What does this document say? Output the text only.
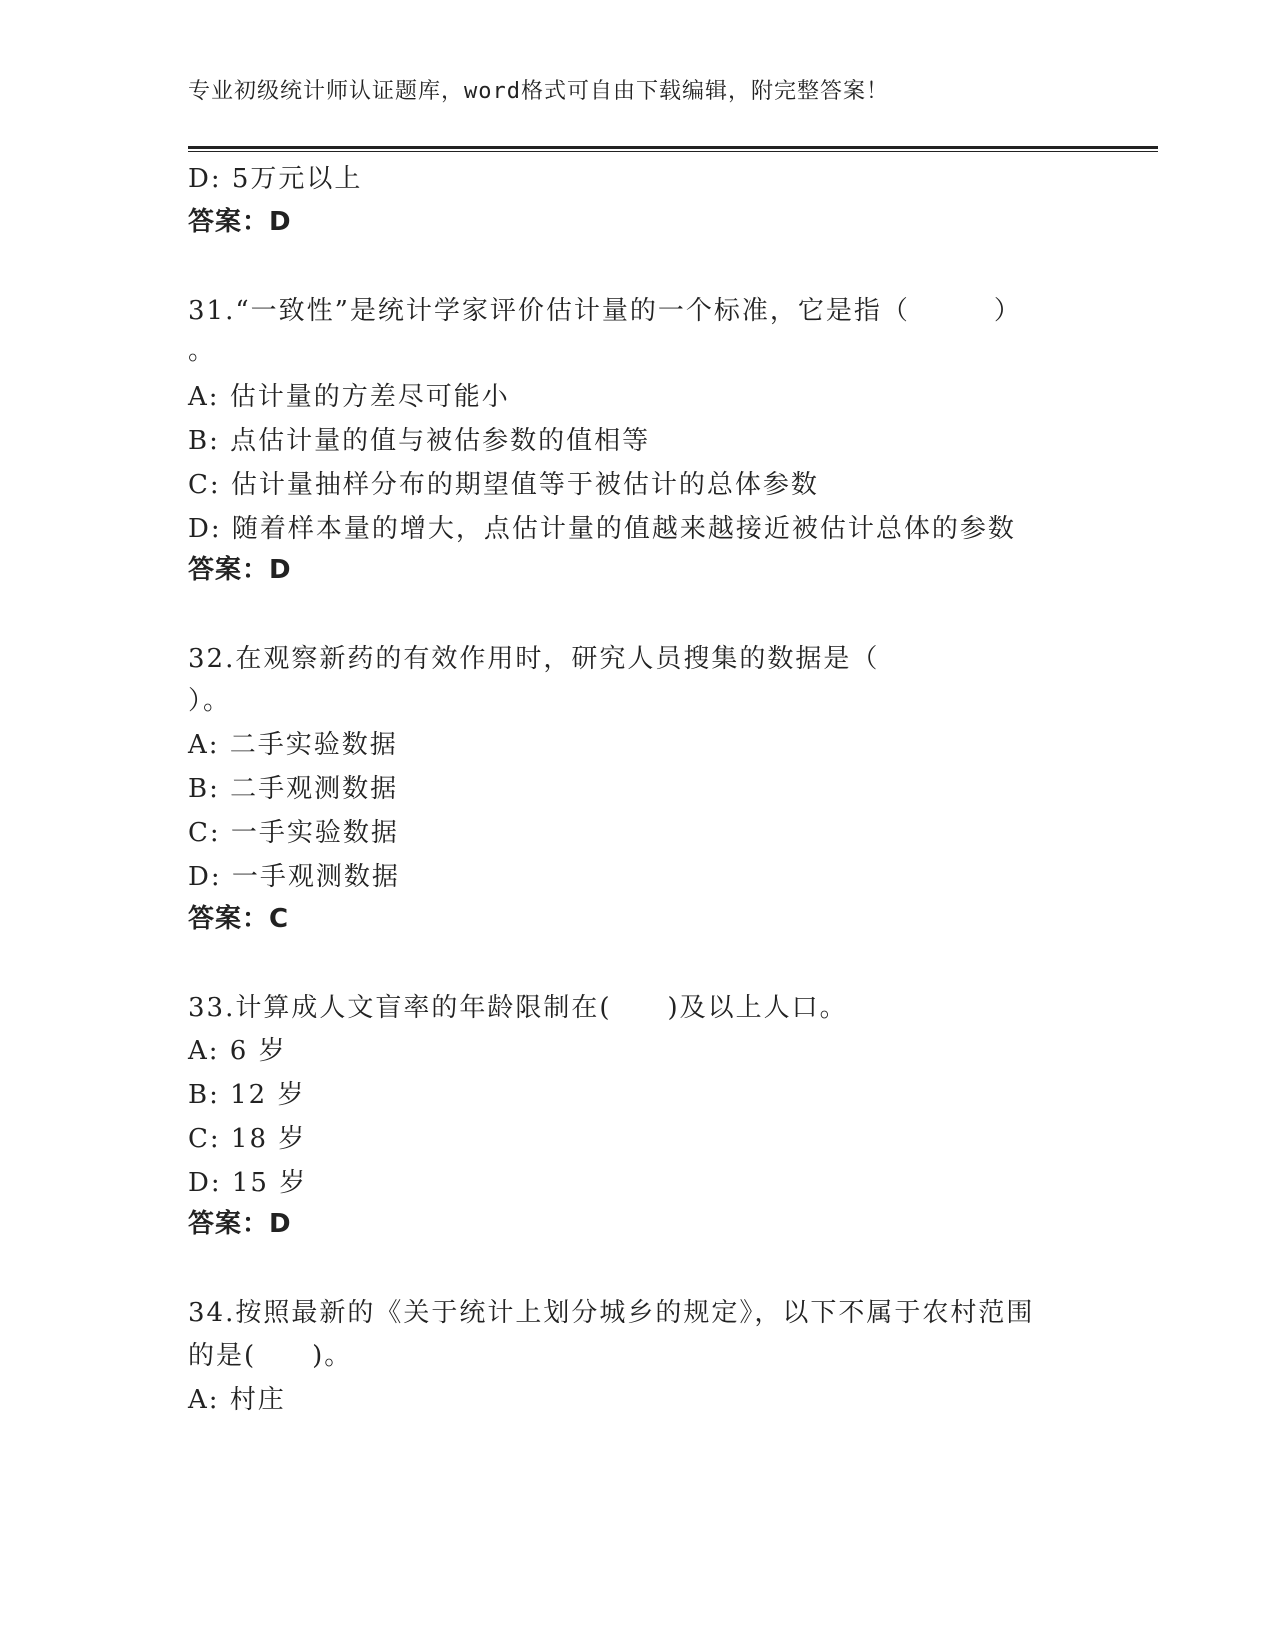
专业初级统计师认证题库，word格式可自由下载编辑，附完整答案！
D: 5万元以上
答案：D
31.“一致性”是统计学家评价估计量的一个标准，它是指（　　　）
。
A: 估计量的方差尽可能小
B: 点估计量的值与被估参数的值相等
C: 估计量抽样分布的期望值等于被估计的总体参数
D: 随着样本量的增大，点估计量的值越来越接近被估计总体的参数
答案：D
32.在观察新药的有效作用时，研究人员搜集的数据是（
）。
A: 二手实验数据
B: 二手观测数据
C: 一手实验数据
D: 一手观测数据
答案：C
33.计算成人文盲率的年龄限制在(　　)及以上人口。
A: 6 岁
B: 12 岁
C: 18 岁
D: 15 岁
答案：D
34.按照最新的《关于统计上划分城乡的规定》，以下不属于农村范围
的是(　　)。
A: 村庄
